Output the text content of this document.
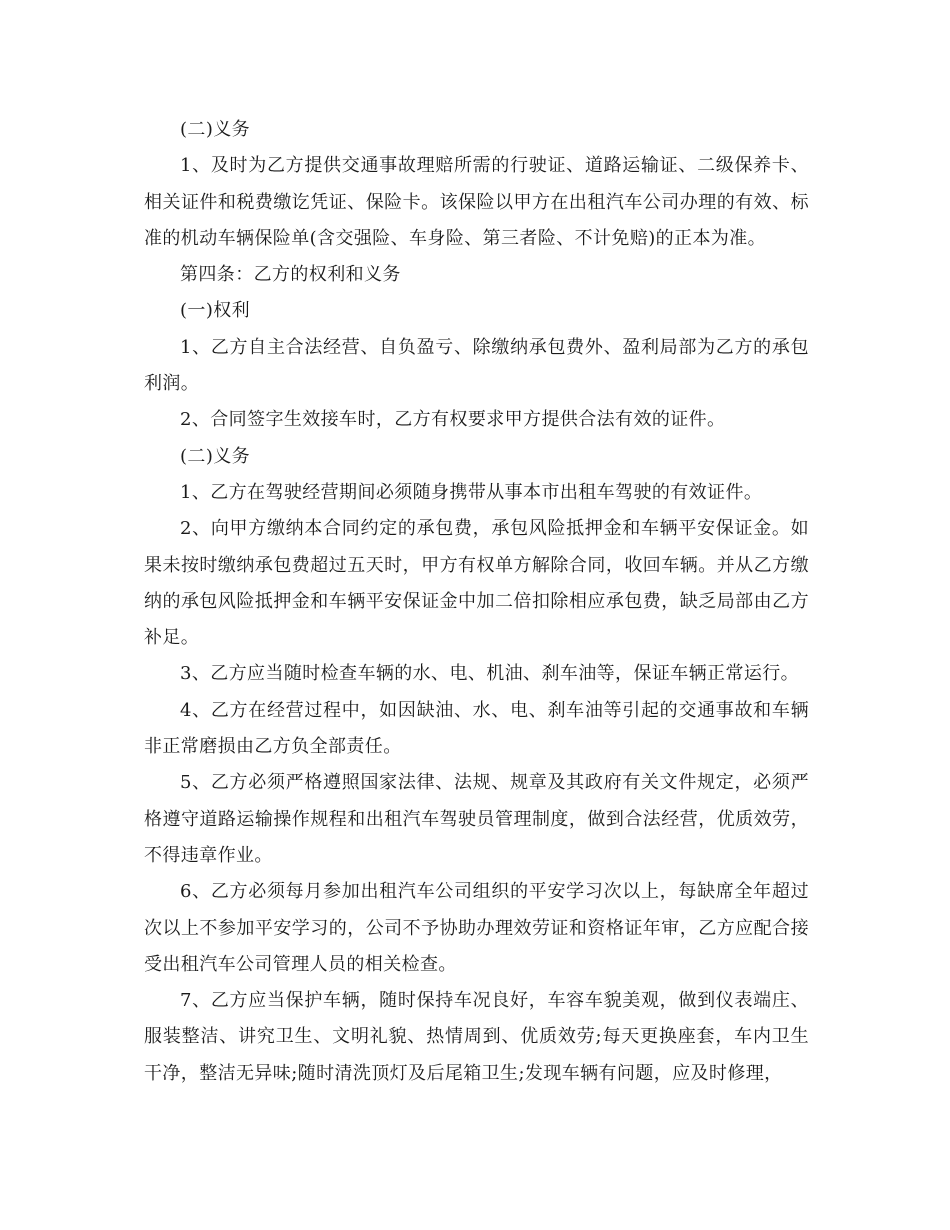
(二)义务

1、及时为乙方提供交通事故理赔所需的行驶证、道路运输证、二级保养卡、相关证件和税费缴讫凭证、保险卡。该保险以甲方在出租汽车公司办理的有效、标准的机动车辆保险单(含交强险、车身险、第三者险、不计免赔)的正本为准。

第四条：乙方的权利和义务

(一)权利

1、乙方自主合法经营、自负盈亏、除缴纳承包费外、盈利局部为乙方的承包利润。

2、合同签字生效接车时，乙方有权要求甲方提供合法有效的证件。

(二)义务

1、乙方在驾驶经营期间必须随身携带从事本市出租车驾驶的有效证件。

2、向甲方缴纳本合同约定的承包费，承包风险抵押金和车辆平安保证金。如果未按时缴纳承包费超过五天时，甲方有权单方解除合同，收回车辆。并从乙方缴纳的承包风险抵押金和车辆平安保证金中加二倍扣除相应承包费，缺乏局部由乙方补足。

3、乙方应当随时检查车辆的水、电、机油、刹车油等，保证车辆正常运行。

4、乙方在经营过程中，如因缺油、水、电、刹车油等引起的交通事故和车辆非正常磨损由乙方负全部责任。

5、乙方必须严格遵照国家法律、法规、规章及其政府有关文件规定，必须严格遵守道路运输操作规程和出租汽车驾驶员管理制度，做到合法经营，优质效劳，不得违章作业。

6、乙方必须每月参加出租汽车公司组织的平安学习次以上，每缺席全年超过次以上不参加平安学习的，公司不予协助办理效劳证和资格证年审，乙方应配合接受出租汽车公司管理人员的相关检查。

7、乙方应当保护车辆，随时保持车况良好，车容车貌美观，做到仪表端庄、服装整洁、讲究卫生、文明礼貌、热情周到、优质效劳;每天更换座套，车内卫生干净，整洁无异味;随时清洗顶灯及后尾箱卫生;发现车辆有问题，应及时修理，
